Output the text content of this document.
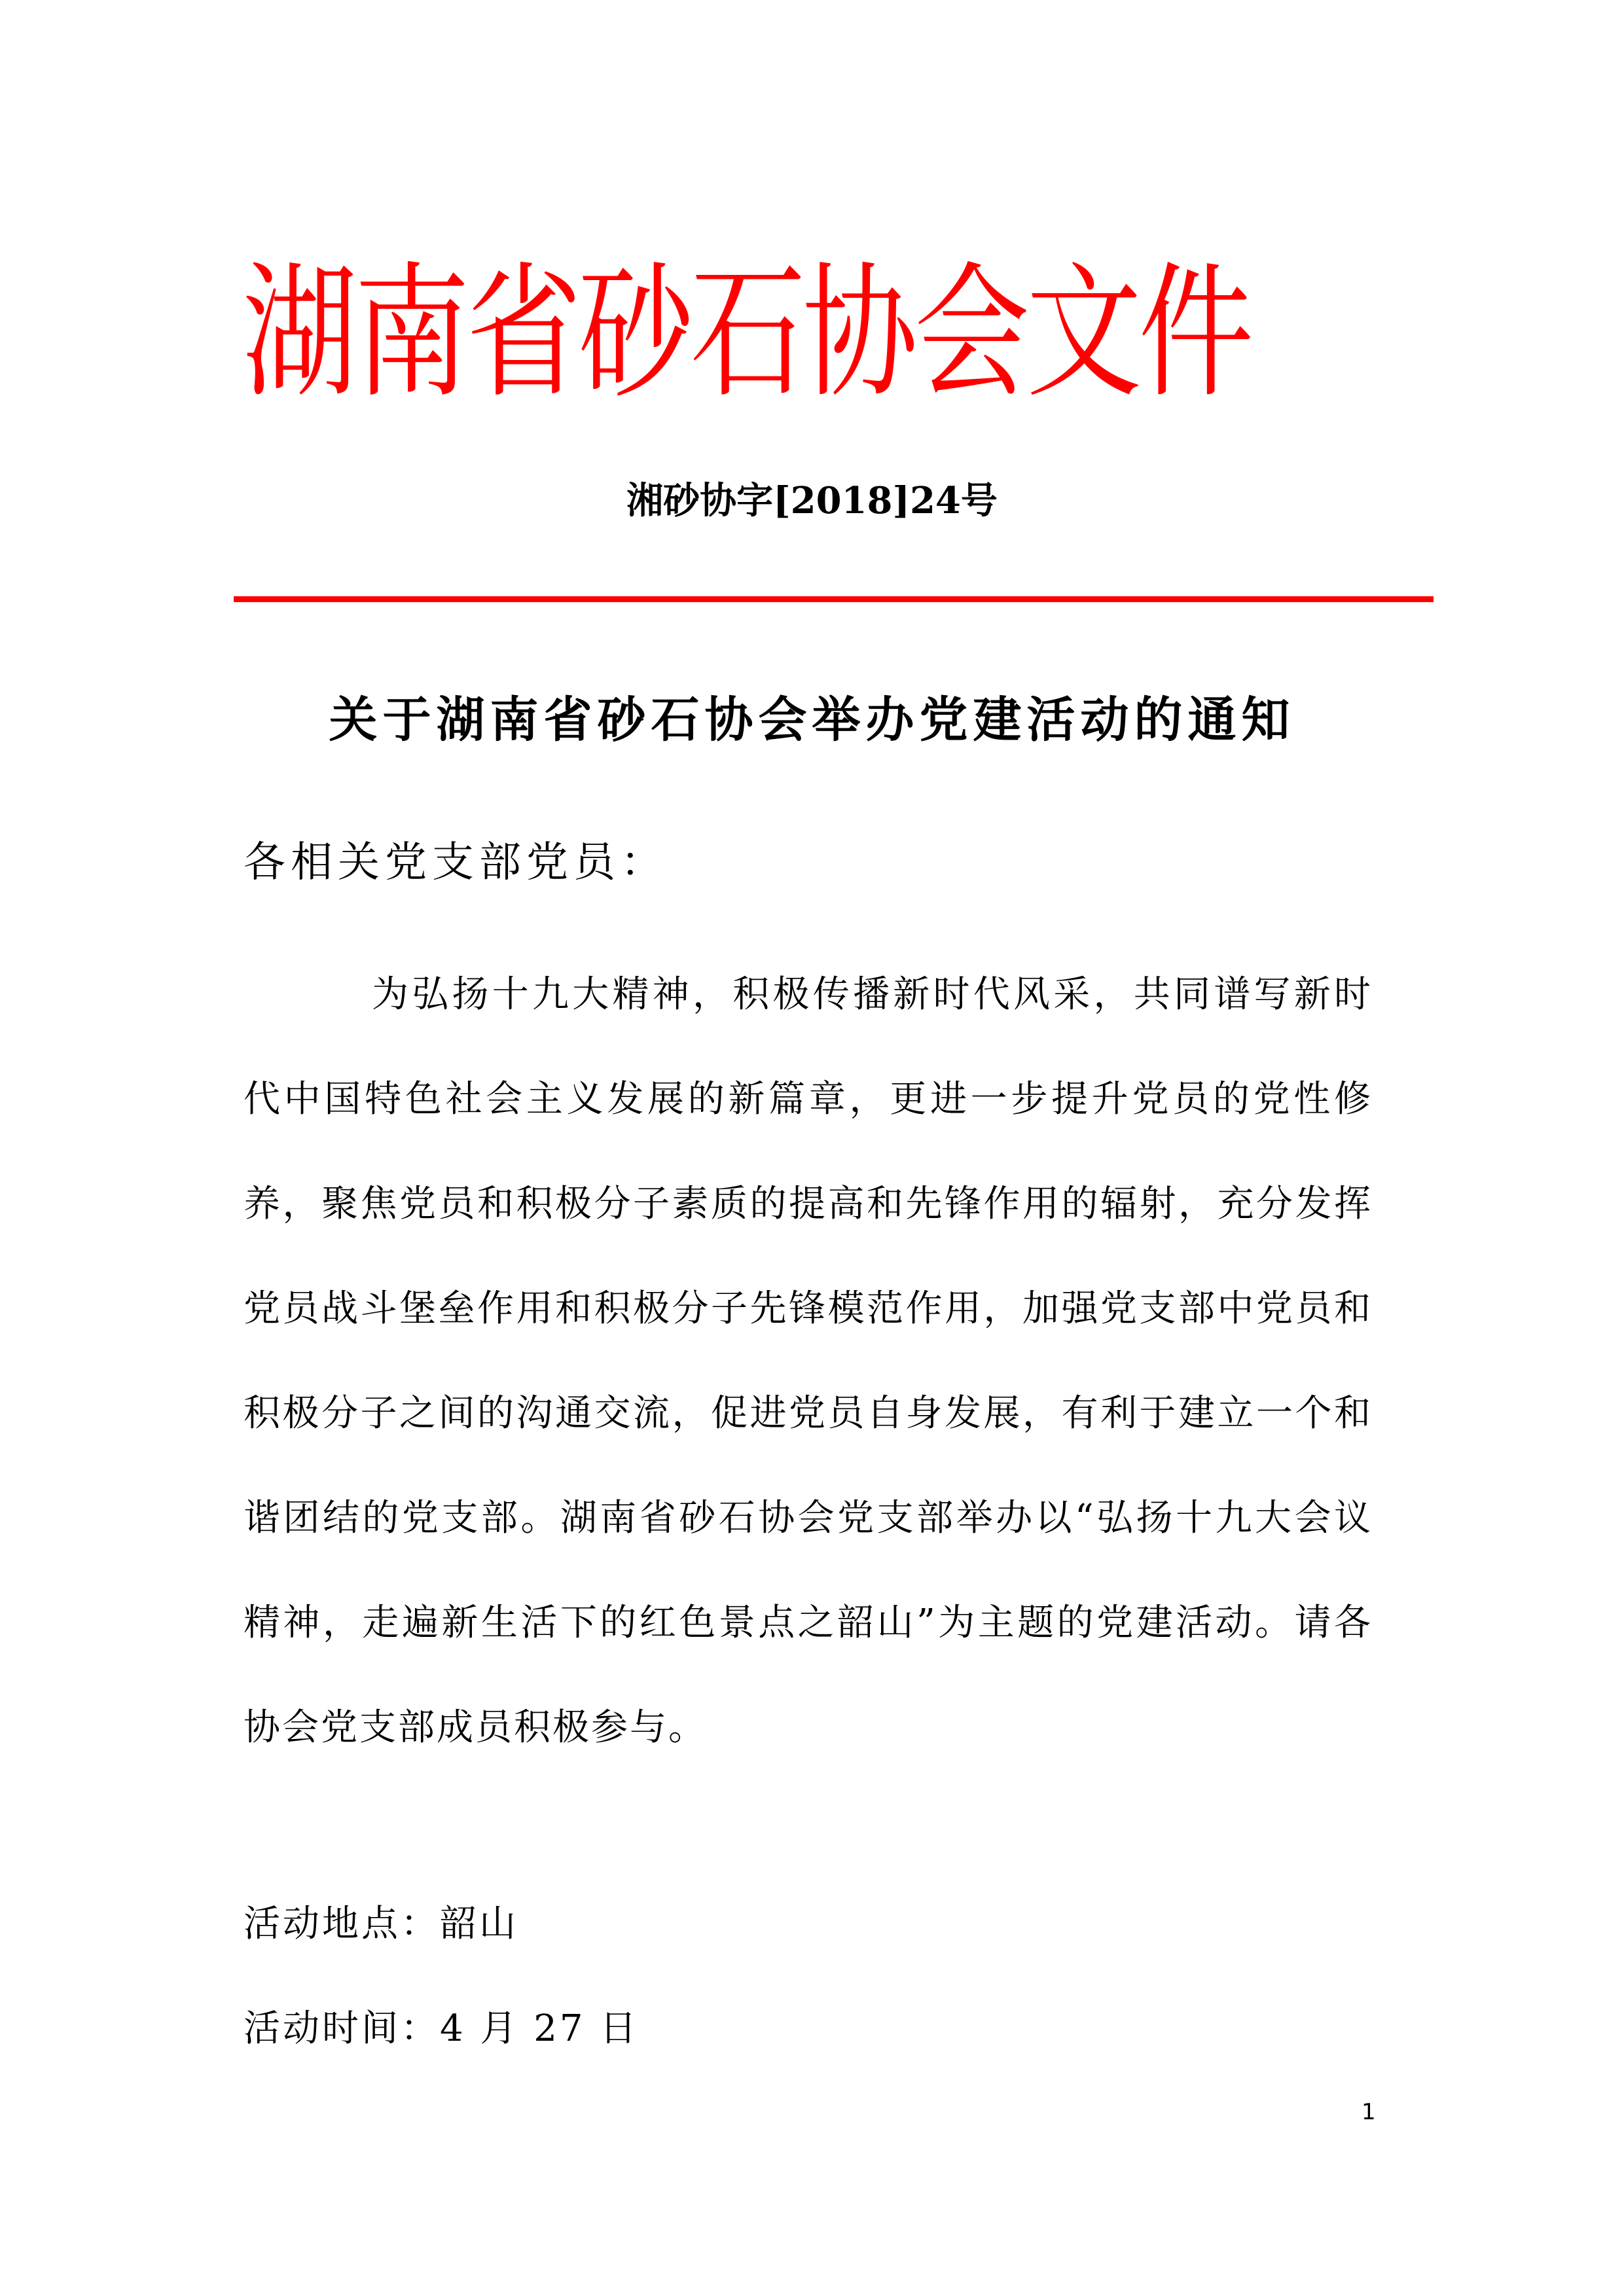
湖南省砂石协会文件
湘砂协字[2018]24号
关于湖南省砂石协会举办党建活动的通知
各相关党支部党员：

为弘扬十九大精神，积极传播新时代风采，共同谱写新时代中国特色社会主义发展的新篇章，更进一步提升党员的党性修养，聚焦党员和积极分子素质的提高和先锋作用的辐射，充分发挥党员战斗堡垒作用和积极分子先锋模范作用，加强党支部中党员和积极分子之间的沟通交流，促进党员自身发展，有利于建立一个和谐团结的党支部。湖南省砂石协会党支部举办以“弘扬十九大会议精神，走遍新生活下的红色景点之韶山”为主题的党建活动。请各协会党支部成员积极参与。

活动地点：韶山
活动时间：4 月 27 日
1
